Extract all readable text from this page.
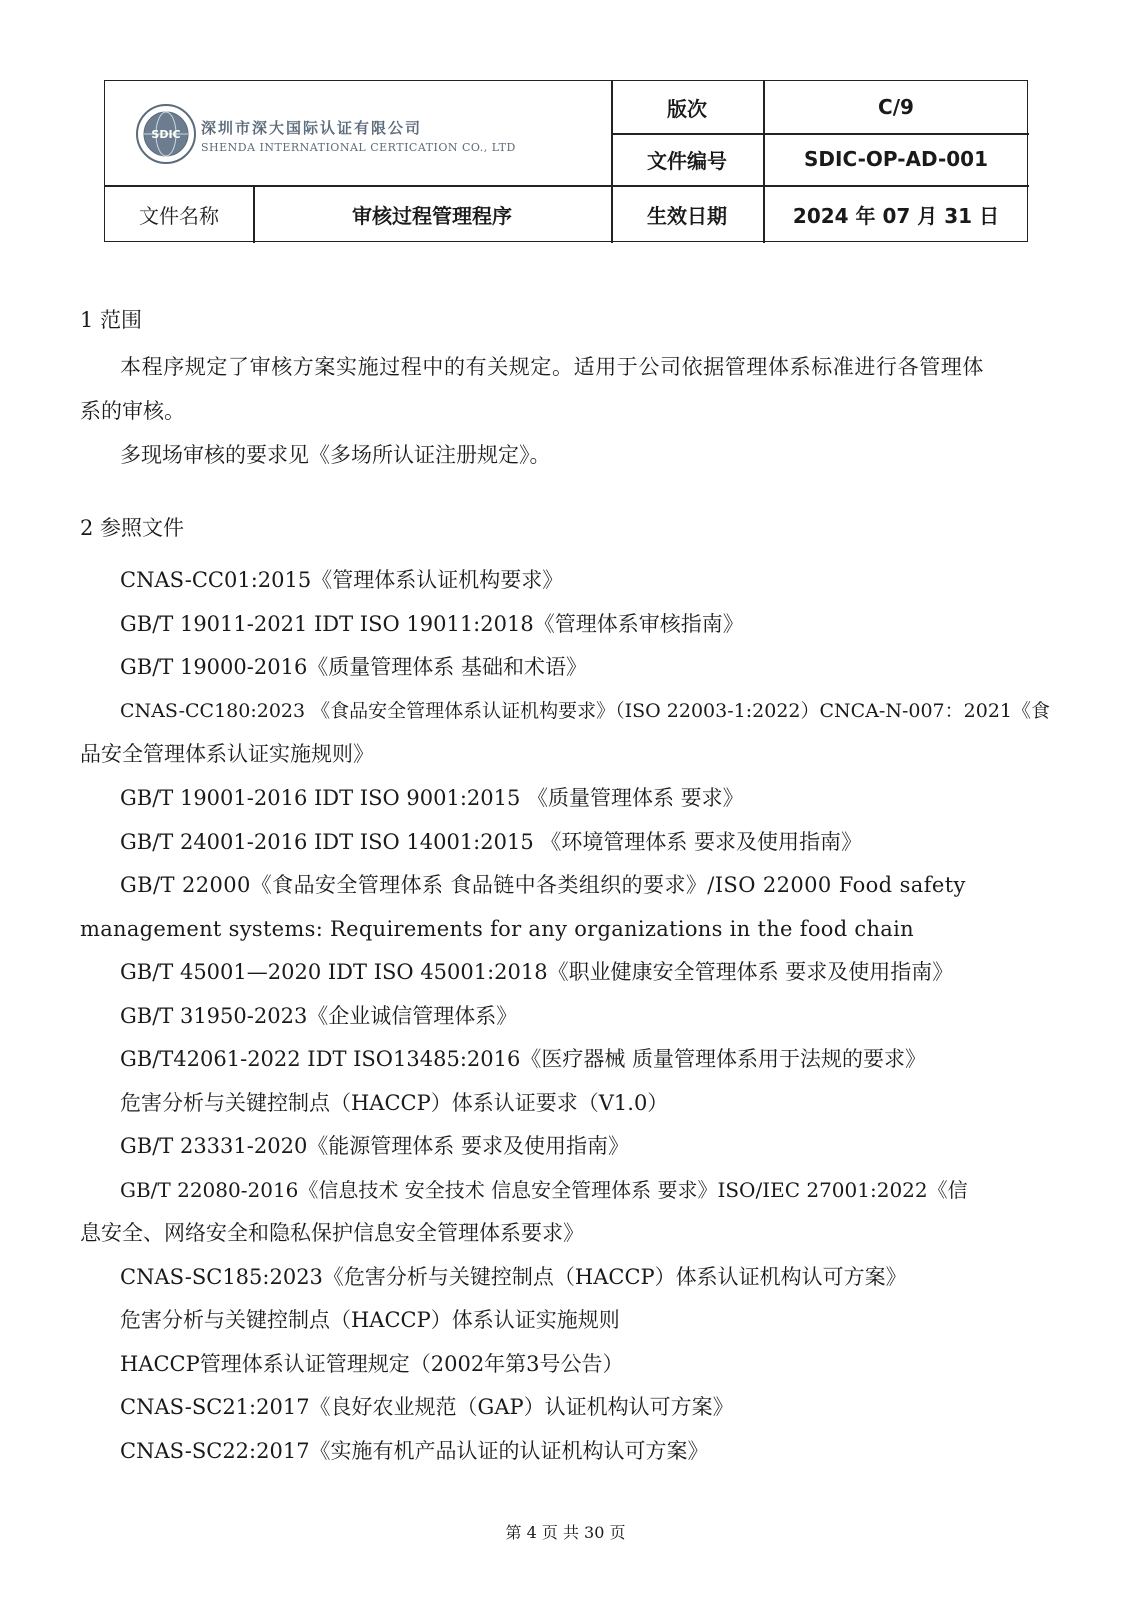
SDIC 深圳市深大国际认证有限公司
SHENDA INTERNATIONAL CERTICATION CO., LTD
版次	C/9
文件编号	SDIC-OP-AD-001
文件名称	审核过程管理程序	生效日期	2024 年 07 月 31 日
1 范围
本程序规定了审核方案实施过程中的有关规定。适用于公司依据管理体系标准进行各管理体
系的审核。
多现场审核的要求见《多场所认证注册规定》。
2 参照文件
CNAS-CC01:2015《管理体系认证机构要求》
GB/T 19011-2021 IDT ISO 19011:2018《管理体系审核指南》
GB/T 19000-2016《质量管理体系 基础和术语》
CNAS-CC180:2023 《食品安全管理体系认证机构要求》（ISO 22003-1:2022）CNCA-N-007：2021《食
品安全管理体系认证实施规则》
GB/T 19001-2016 IDT ISO 9001:2015 《质量管理体系 要求》
GB/T 24001-2016 IDT ISO 14001:2015 《环境管理体系 要求及使用指南》
GB/T 22000《食品安全管理体系 食品链中各类组织的要求》/ISO 22000 Food safety
management systems: Requirements for any organizations in the food chain
GB/T 45001—2020 IDT ISO 45001:2018《职业健康安全管理体系 要求及使用指南》
GB/T 31950-2023《企业诚信管理体系》
GB/T42061-2022 IDT ISO13485:2016《医疗器械 质量管理体系用于法规的要求》
危害分析与关键控制点（HACCP）体系认证要求（V1.0）
GB/T 23331-2020《能源管理体系 要求及使用指南》
GB/T 22080-2016《信息技术 安全技术 信息安全管理体系 要求》ISO/IEC 27001:2022《信
息安全、网络安全和隐私保护信息安全管理体系要求》
CNAS-SC185:2023《危害分析与关键控制点（HACCP）体系认证机构认可方案》
危害分析与关键控制点（HACCP）体系认证实施规则
HACCP管理体系认证管理规定（2002年第3号公告）
CNAS-SC21:2017《良好农业规范（GAP）认证机构认可方案》
CNAS-SC22:2017《实施有机产品认证的认证机构认可方案》
第 4 页 共 30 页
